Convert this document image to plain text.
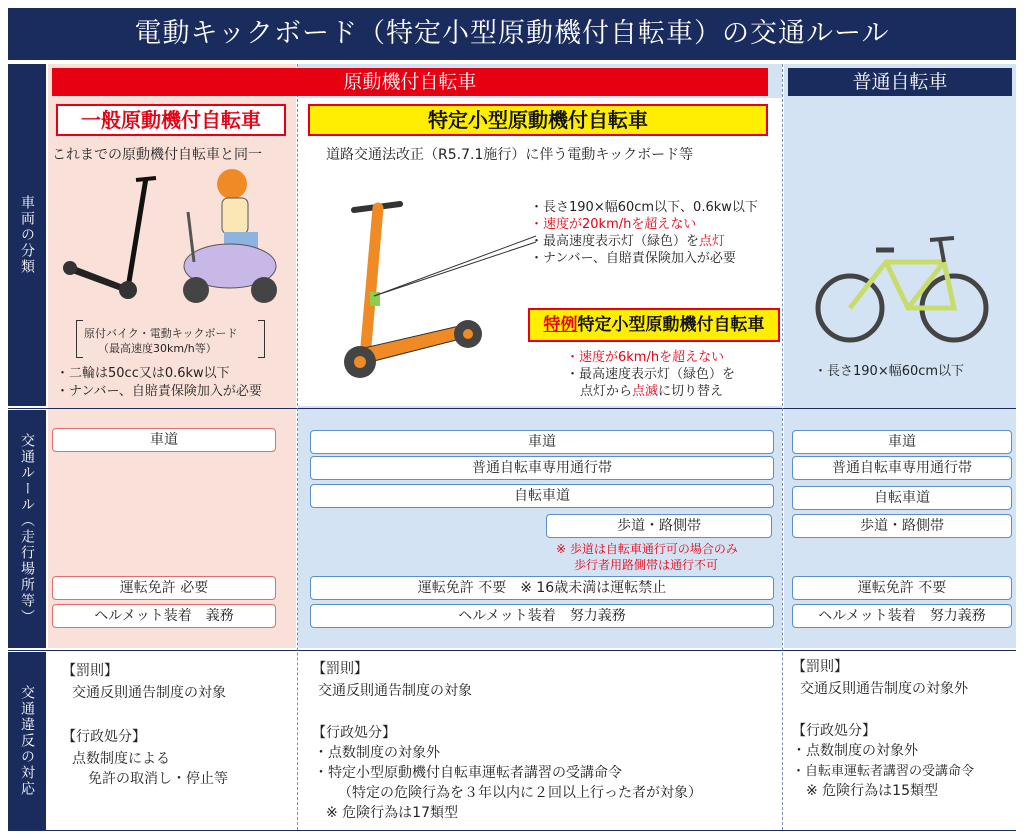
電動キックボード（特定小型原動機付自転車）の交通ルール
車両の分類
交通ルール（走行場所等）
交通違反の対応
原動機付自転車	普通自転車
一般原動機付自転車
これまでの原動機付自転車と同一
原付バイク・電動キックボード
（最高速度30km/h等）
・二輪は50cc又は0.6kw以下
・ナンバー、自賠責保険加入が必要
特定小型原動機付自転車
道路交通法改正（R5.7.1施行）に伴う電動キックボード等
・長さ190×幅60cm以下、0.6kw以下
・速度が20km/hを超えない
・最高速度表示灯（緑色）を点灯
・ナンバー、自賠責保険加入が必要
特例特定小型原動機付自転車
・速度が6km/hを超えない
・最高速度表示灯（緑色）を
点灯から点滅に切り替え
・長さ190×幅60cm以下
車道
運転免許 必要
ヘルメット装着　義務
車道
普通自転車専用通行帯
自転車道
歩道・路側帯
※ 歩道は自転車通行可の場合のみ
歩行者用路側帯は通行不可
運転免許 不要　※ 16歳未満は運転禁止
ヘルメット装着　努力義務
車道
普通自転車専用通行帯
自転車道
歩道・路側帯
運転免許 不要
ヘルメット装着　努力義務
【罰則】
交通反則通告制度の対象
【行政処分】
点数制度による
免許の取消し・停止等
【罰則】
交通反則通告制度の対象
【行政処分】
・点数制度の対象外
・特定小型原動機付自転車運転者講習の受講命令
（特定の危険行為を３年以内に２回以上行った者が対象）
※ 危険行為は17類型
【罰則】
交通反則通告制度の対象外
【行政処分】
・点数制度の対象外
・自転車運転者講習の受講命令
※ 危険行為は15類型
